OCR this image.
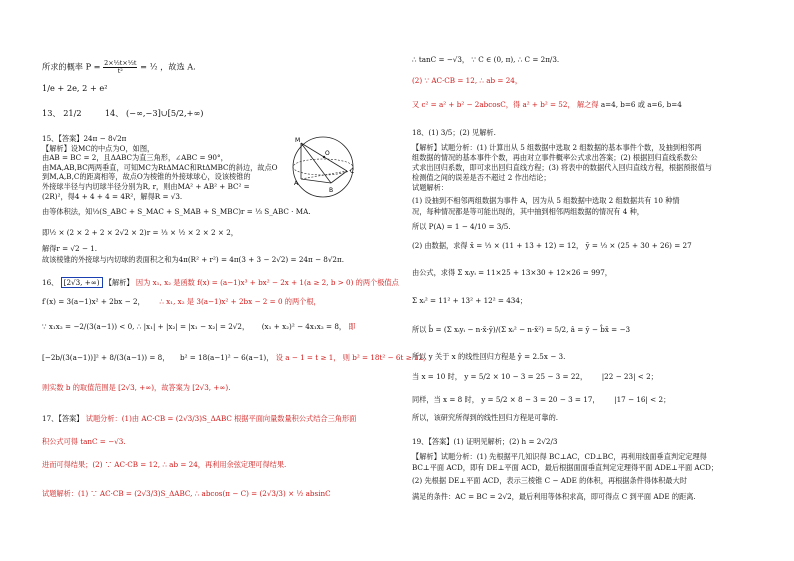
所求的概率 $P = \frac{\text{2×½t×½t}}{\text{t²}}$ = ½ ，故选 A.
1/e + 2e, 2 + e²
13、 21/2	14、 (−∞,−3]∪[5/2,+∞)
15、【答案】24π − 8√2π
【解析】设MC的中点为O，如图，
由AB = BC = 2，且ΔABC为直三角形，∠ABC = 90°，
由MA,AB,BC两两垂直，可知MC为RtΔMAC和RtΔMBC的斜边，故点O
到M,A,B,C的距离相等，故点O为棱锥的外接球球心，设该棱锥的
外接球半径与内切球半径分别为R, r，则由MA² + AB² + BC² =
(2R)²，得4 + 4 + 4 = 4R²，解得R = √3.
由等体积法，知⅓(S_ABC + S_MAC + S_MAB + S_MBC)r = ⅓ S_ABC · MA.
即½ × (2 × 2 + 2 × 2√2 × 2)r = ⅓ × ½ × 2 × 2 × 2，
解得r = √2 − 1.
故该棱锥的外接球与内切球的表面积之和为4π(R² + r²) = 4π(3 + 3 − 2√2) = 24π − 8√2π.
M
A
B
C
O
16、 [2√3, +∞) 【解析】 因为 x₁, x₂ 是函数 f(x) = (a−1)x³ + bx² − 2x + 1(a ≥ 2, b > 0) 的两个极值点
f′(x) = 3(a−1)x² + 2bx − 2， ∴ x₁, x₂ 是 3(a−1)x² + 2bx − 2 = 0 的两个根，
∵ x₁x₂ = −2/(3(a−1)) < 0, ∴ |x₁| + |x₂| = |x₁ − x₂| = 2√2， (x₁ + x₂)² − 4x₁x₂ = 8， 即
[−2b/(3(a−1))]² + 8/(3(a−1)) = 8， b² = 18(a−1)² − 6(a−1)， 设 a − 1 = t ≥ 1， 则 b² = 18t² − 6t ≥ 12，
则实数 b 的取值范围是 [2√3, +∞)，故答案为 [2√3, +∞).
17、【答案】 试题分析：(1)由 AC·CB = (2√3/3)S_ΔABC 根据平面向量数量积公式结合三角形面
积公式可得 tanC = −√3.
进而可得结果；(2) ∵ AC·CB = 12, ∴ ab = 24，再利用余弦定理可得结果.
试题解析：(1) ∵ AC·CB = (2√3/3)S_ΔABC, ∴ abcos(π − C) = (2√3/3) × ½ absinC
∴ tanC = −√3， ∵ C ∈ (0, π), ∴ C = 2π/3.
(2) ∵ AC·CB = 12, ∴ ab = 24，
又 c² = a² + b² − 2abcosC，得 a² + b² = 52， 解之得 a=4, b=6 或 a=6, b=4
18、(1) 3/5；(2) 见解析.
【解析】试题分析：(1) 计算出从 5 组数据中选取 2 组数据的基本事件个数，及抽到相邻两
组数据的情况的基本事件个数，再由对立事件概率公式求出答案；(2) 根据回归直线系数公
式求出回归系数，即可求出回归直线方程；(3) 将表中的数据代入回归直线方程，根据预报值与
检测值之间的误差是否不超过 2 作出结论；
试题解析：
(1) 设抽到不相邻两组数据为事件 A，因为从 5 组数据中选取 2 组数据共有 10 种情
况，每种情况都是等可能出现的，其中抽到相邻两组数据的情况有 4 种，
所以 P(A) = 1 − 4/10 = 3/5.
(2) 由数据，求得 x̄ = ⅓ × (11 + 13 + 12) = 12， ȳ = ⅓ × (25 + 30 + 26) = 27
由公式，求得 Σ xᵢyᵢ = 11×25 + 13×30 + 12×26 = 997，
Σ xᵢ² = 11² + 13² + 12² = 434；
所以 b̂ = (Σ xᵢyᵢ − n·x̄·ȳ)/(Σ xᵢ² − n·x̄²) = 5/2, â = ȳ − b̂x̄ = −3
所以 y 关于 x 的线性回归方程是 ŷ = 2.5x − 3.
当 x = 10 时， y = 5/2 × 10 − 3 = 25 − 3 = 22， |22 − 23| < 2；
同样，当 x = 8 时， y = 5/2 × 8 − 3 = 20 − 3 = 17， |17 − 16| < 2；
所以，该研究所得到的线性回归方程是可靠的.
19、【答案】(1) 证明见解析；(2) h = 2√2/3
【解析】试题分析：(1) 先根据平几知识得 BC⊥AC，CD⊥BC，再利用线面垂直判定定理得
BC⊥平面 ACD，即有 DE⊥平面 ACD，最后根据面面垂直判定定理得平面 ADE⊥平面 ACD；
(2) 先根据 DE⊥平面 ACD，表示三棱锥 C − ADE 的体积，再根据条件得体积最大时
满足的条件：AC = BC = 2√2，最后利用等体积求高，即可得点 C 到平面 ADE 的距离.
